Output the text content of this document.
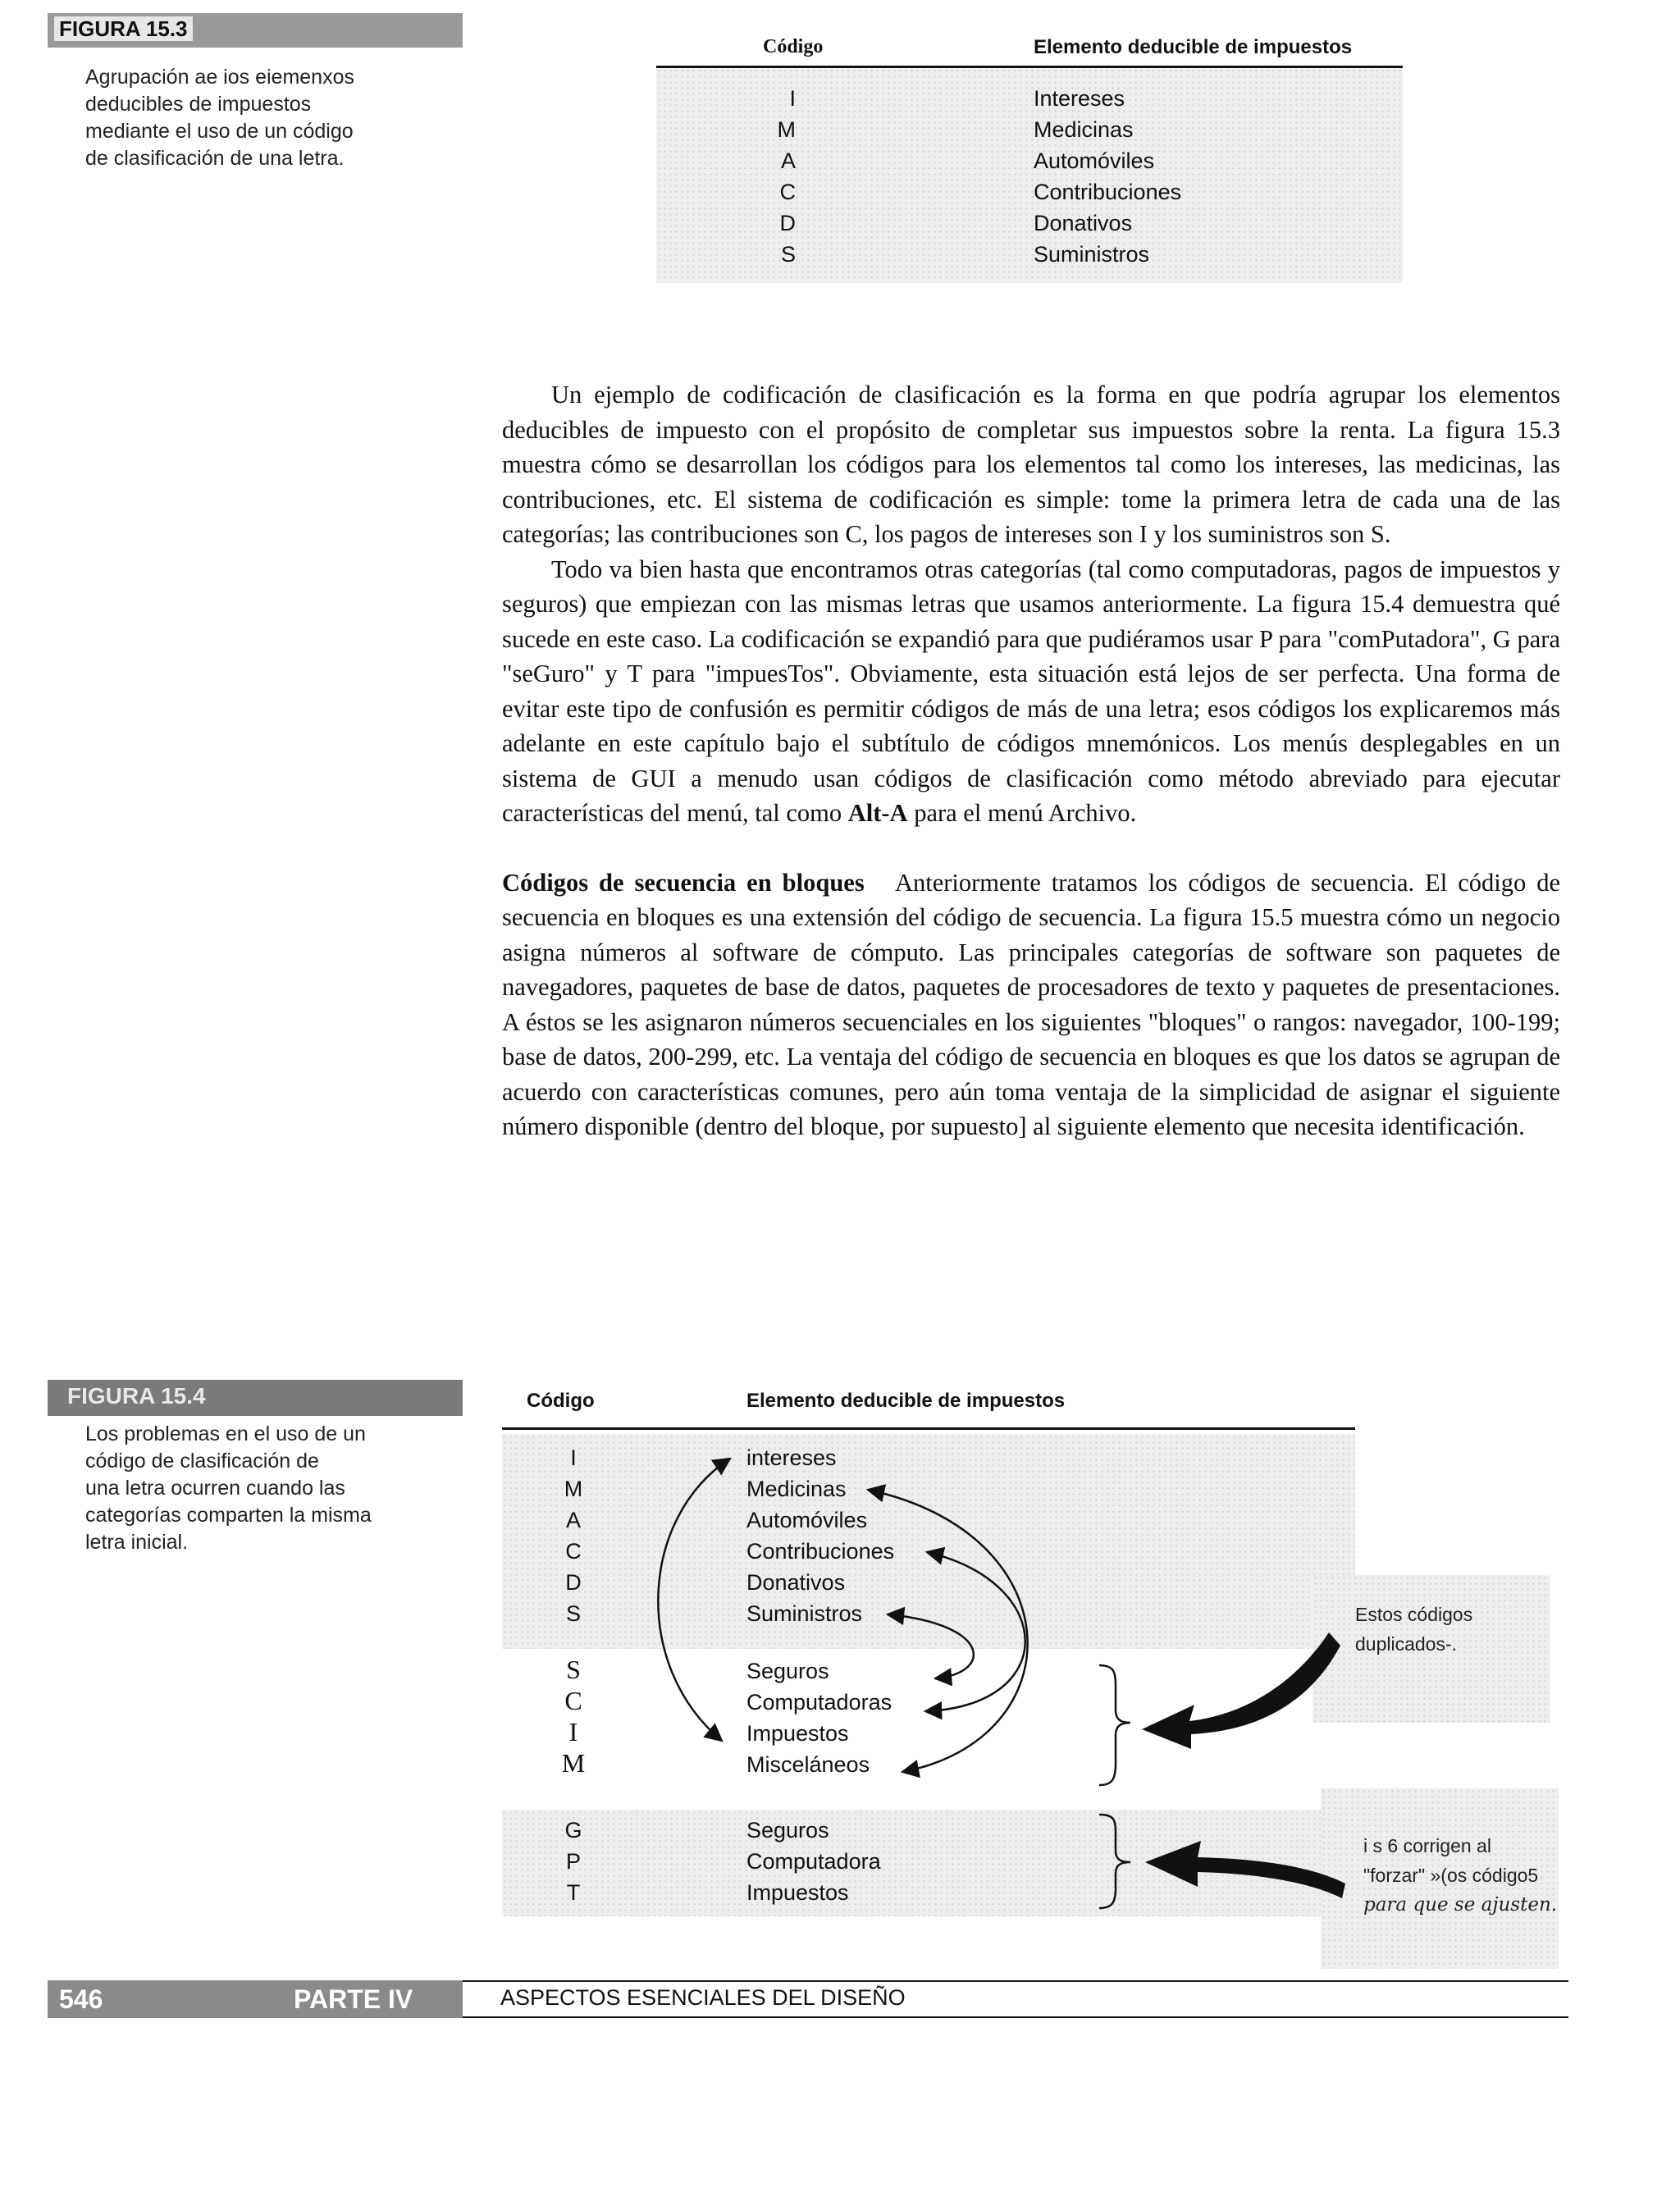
FIGURA 15.3
Agrupación ae ios eiemenxos
deducibles de impuestos
mediante el uso de un código
de clasificación de una letra.
Código	Elemento deducible de impuestos
I	Intereses
M	Medicinas
A	Automóviles
C	Contribuciones
D	Donativos
S	Suministros

Un ejemplo de codificación de clasificación es la forma en que podría agrupar los elementos deducibles de impuesto con el propósito de completar sus impuestos sobre la renta. La figura 15.3 muestra cómo se desarrollan los códigos para los elementos tal como los intereses, las medicinas, las contribuciones, etc. El sistema de codificación es simple: tome la primera letra de cada una de las categorías; las contribuciones son C, los pagos de intereses son I y los suministros son S.

Todo va bien hasta que encontramos otras categorías (tal como computadoras, pagos de impuestos y seguros) que empiezan con las mismas letras que usamos anteriormente. La figura 15.4 demuestra qué sucede en este caso. La codificación se expandió para que pudiéramos usar P para "comPutadora", G para "seGuro" y T para "impuesTos". Obviamente, esta situación está lejos de ser perfecta. Una forma de evitar este tipo de confusión es permitir códigos de más de una letra; esos códigos los explicaremos más adelante en este capítulo bajo el subtítulo de códigos mnemónicos. Los menús desplegables en un sistema de GUI a menudo usan códigos de clasificación como método abreviado para ejecutar características del menú, tal como Alt-A para el menú Archivo.

Códigos de secuencia en bloques Anteriormente tratamos los códigos de secuencia. El código de secuencia en bloques es una extensión del código de secuencia. La figura 15.5 muestra cómo un negocio asigna números al software de cómputo. Las principales categorías de software son paquetes de navegadores, paquetes de base de datos, paquetes de procesadores de texto y paquetes de presentaciones. A éstos se les asignaron números secuenciales en los siguientes "bloques" o rangos: navegador, 100-199; base de datos, 200-299, etc. La ventaja del código de secuencia en bloques es que los datos se agrupan de acuerdo con características comunes, pero aún toma ventaja de la simplicidad de asignar el siguiente número disponible (dentro del bloque, por supuesto] al siguiente elemento que necesita identificación.

FIGURA 15.4
Los problemas en el uso de un
código de clasificación de
una letra ocurren cuando las
categorías comparten la misma
letra inicial.
Código	Elemento deducible de impuestos
I	intereses
M	Medicinas
A	Automóviles
C	Contribuciones
D	Donativos
S	Suministros
S	Seguros
C	Computadoras
I	Impuestos
M	Misceláneos
G	Seguros
P	Computadora
T	Impuestos
Estos códigos
duplicados-.
i s 6 corrigen al
"forzar" »(os código5
para que se ajusten.
546	PARTE IV	ASPECTOS ESENCIALES DEL DISEÑO
